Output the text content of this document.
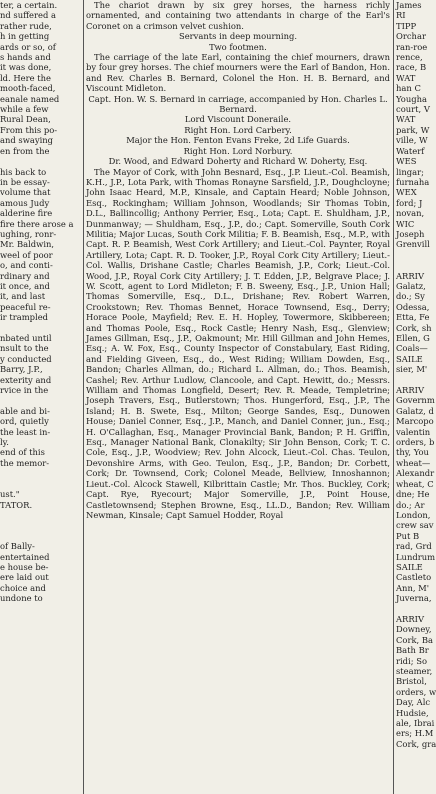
ter, a certain.

nd suffered a

rather rude,

h in getting

ards or so, of

s hands and

it was done,

ld. Here the

mooth-faced,

eanale named

while a few

Rural Dean,

From this po-

and swaying

en from the

his back to

in be essay-

volume that

amous Judy

alderine fire

fire there arose a

ughing, ronr-

Mr. Baldwin,

weel of poor

o, and conti-

rdinary and

it once, and

it, and last

peaceful re-

ir trampled

nbated until

nsult to the

y conducted

Barry, J.P.,

exterity and

rvice in the

able and bi-

ord, quietly

the least in-

ly.

end of this

the memor-

ust."

TATOR.

of Bally-

entertained

e house be-

ere laid out

choice and

undone to

The chariot drawn by six grey horses, the harness richly ornamented, and containing two attendants in charge of the Earl's Coronet on a crimson velvet cushion.

Servants in deep mourning.

Two footmen.

The carriage of the late Earl, containing the chief mourners, drawn by four grey horses. The chief mourners were the Earl of Bandon, Hon. and Rev. Charles B. Bernard, Colonel the Hon. H. B. Bernard, and Viscount Midleton.

Capt. Hon. W. S. Bernard in carriage, accompanied by Hon. Charles L. Bernard.

Lord Viscount Doneraile.

Right Hon. Lord Carbery.

Major the Hon. Fenton Evans Freke, 2d Life Guards.

Right Hon. Lord Norbury.

Dr. Wood, and Edward Doherty and Richard W. Doherty, Esq.

The Mayor of Cork, with John Besnard, Esq., J.P. Lieut.-Col. Beamish, K.H., J.P., Lota Park, with Thomas Ronayne Sarsfield, J.P., Doughcloyne; John Isaac Heard, M.P., Kinsale, and Captain Heard; Noble Johnson, Esq., Rockingham; William Johnson, Woodlands; Sir Thomas Tobin, D.L., Ballincollig; Anthony Perrier, Esq., Lota; Capt. E. Shuldham, J.P., Dunmanway; — Shuldham, Esq., J.P., do.; Capt. Somerville, South Cork Militia; Major Lucas, South Cork Militia; F. B. Beamish, Esq., M.P., with Capt. R. P. Beamish, West Cork Artillery; and Lieut.-Col. Paynter, Royal Artillery, Lota; Capt. R. D. Tooker, J.P., Royal Cork City Artillery; Lieut.-Col. Wallis, Drishane Castle; Charles Beamish, J.P., Cork; Lieut.-Col. Wood, J.P., Royal Cork City Artillery; J. T. Edden, J.P., Belgrave Place; J. W. Scott, agent to Lord Midleton; F. B. Sweeny, Esq., J.P., Union Hall; Thomas Somerville, Esq., D.L., Drishane; Rev. Robert Warren, Crookstown; Rev. Thomas Bennet, Horace Townsend, Esq., Derry; Horace Poole, Mayfield; Rev. E. H. Hopley, Towermore, Skibbereen; and Thomas Poole, Esq., Rock Castle; Henry Nash, Esq., Glenview; James Gillman, Esq., J.P., Oakmount; Mr. Hill Gillman and John Hemes, Esq.; A. W. Fox, Esq., County Inspector of Constabulary, East Riding, and Fielding Giveen, Esq., do., West Riding; William Dowden, Esq., Bandon; Charles Allman, do.; Richard L. Allman, do.; Thos. Beamish, Cashel; Rev. Arthur Ludlow, Clancoole, and Capt. Hewitt, do.; Messrs. William and Thomas Longfield, Desert; Rev. R. Meade, Templetrine; Joseph Travers, Esq., Butlerstown; Thos. Hungerford, Esq., J.P., The Island; H. B. Swete, Esq., Milton; George Sandes, Esq., Dunowen House; Daniel Conner, Esq., J.P., Manch, and Daniel Conner, jun., Esq.; H. O'Callaghan, Esq., Manager Provincial Bank, Bandon; P. H. Griffin, Esq., Manager National Bank, Clonakilty; Sir John Benson, Cork; T. C. Cole, Esq., J.P., Woodview; Rev. John Alcock, Lieut.-Col. Chas. Teulon, Devonshire Arms, with Geo. Teulon, Esq., J.P., Bandon; Dr. Corbett, Cork; Dr. Townsend, Cork; Colonel Meade, Bellview, Innoshannon; Lieut.-Col. Alcock Stawell, Kilbrittain Castle; Mr. Thos. Buckley, Cork; Capt. Rye, Ryecourt; Major Somerville, J.P., Point House, Castletownsend; Stephen Browne, Esq., LL.D., Bandon; Rev. William Newman, Kinsale; Capt Samuel Hodder, Royal

James

RI

TIPP

Orchar

ran-roe

rence,

race, B

WAT

han C

Yougha

court, V

WAT

park, W

ville, W

Waterf

WES

lingar;

furnaha

WEX

ford; J

novan,

WIC

Joseph

Grenvill

ARRIV

Galatz,

do.; Sy

Odessa,

Etta, Fe

Cork, sh

Ellen, G

Coals—

SAILE

sier, M'

ARRIV

Governm

Galatz, d

Marcopo

valentin

orders, b

thy, You

wheat—

Alexandr

wheat, C

dne; He

do.; Ar

London,

crew sav

Put B

rad, Grd

Lundrum

SAILE

Castleto

Ann, M'

Juverna,

ARRIV

Downey,

Cork, Ba

Bath Br

ridi; So

steamer,

Bristol,

orders, w

Day, Alc

Hudsie,

ale, Ibrai

ers; H.M

Cork, gra
